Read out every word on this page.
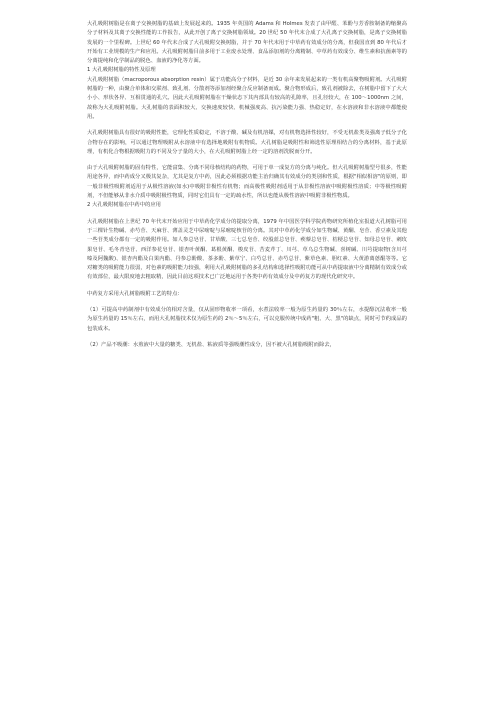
大孔吸附树脂是在离子交换树脂的基础上发展起来的。1935 年英国的 Adams 和 Holmes 发表了由甲醛、苯酚与芳香胺制备的缩聚高分子材料及其离子交换性能的工作报告，从此开创了离子交换树脂领域。20 世纪 50 年代末合成了大孔离子交换树脂，是离子交换树脂发展的一个里程碑。上世纪 60 年代末合成了大孔吸附交换树脂，并于 70 年代末用于中草药有效成分的分离，但我国直到 80 年代后才开始有工业规模的生产和应用。大孔吸附树脂目前多用于工业废水处理、食品添加剂的分离精制、中草药有效成分、维生素和抗菌素等的分离提纯和化学制品的脱色、血液的净化等方面。

1 大孔吸附树脂的特性及原理

大孔吸附树脂（macroporous absorption resin）属于功能高分子材料，是近 30 余年来发展起来的一类有机高聚物吸附剂。大孔吸附树脂的一种，由聚合单体和交联剂、致孔剂、分散剂等添加剂经聚合反应制备而成。聚合物形成后，致孔剂被除去，在树脂中留下了大大小小、形状各异、互相贯通的孔穴。因此大孔吸附树脂在干燥状态下其内部具有较高的孔隙率，且孔径较大，在 100～1000nm 之间，故称为大孔吸附树脂。大孔树脂的表面积较大、交换速度较快、机械强度高、抗污染能力强、热稳定好，在水溶液和非水溶液中都能使用。

大孔吸附树脂具有很好的吸附性能，它理化性质稳定，不溶于酸、碱及有机溶媒，对有机物选择性较好，不受无机盐类及强离子低分子化合物存在的影响，可以通过物理吸附从水溶液中有选择地吸附有机物质。大孔树脂是吸附性和筛选性原理相结合的分离材料，基于此原理，有机化合物根据吸附力的不同及分子量的大小，在大孔吸附树脂上经一定的溶剂洗脱而分开。

由于大孔吸附树脂的固有特性，它能富集、分离不同母核结构的药物，可用于单一成复方的分离与纯化。但大孔吸附树脂型号很多，性能用途各异，而中药成分又极其复杂，尤其是复方中药，因此必须根据功能主治归确其有效成分的类别和性质，根据"相似相溶"的原则，即一般非极性吸附剂适用于从极性溶液(如水)中吸附非极性有机物；而高极性吸附剂适用于从非极性溶液中吸附极性溶质；中等极性吸附剂，不但能够从非水介质中吸附极性物质，同时它们具有一定的疏水性，所以也能从极性溶液中吸附非极性物质。

2 大孔吸附树脂在中药中的应用

大孔吸附树脂在上世纪 70 年代末开始应用于中草药化学成分的提取分离，1979 年中国医学科学院药物研究所植化室报道大孔树脂可用于三棵针生物碱、赤芍苷、天麻苷、薄盖灵芝中尿嘧啶与尿嘧啶核苷的分离。其对中草药化学成分如生物碱、黄酮、皂苷、香豆素及其他一些苷类成分都有一定的吸附作用。如人参总皂苷、甘草酸、三七总皂苷、绞股蓝总皂苷、蒺藜总皂苷、桔梗总皂苷、知母总皂苷、刺玫果皂苷、毛冬青皂苷、西洋参花皂苷、银杏叶黄酮、葛根黄酮、梭皮苷、苦麦芹丁、川芎、草乌总生物碱、喜树碱、川芎提取物(含川芎嗪及阿魏酸)、银杏内酯及白果内酯、丹参总酚酸、茶多酚、紫草宁、白芍总苷、赤芍总苷、紫草色素、胆红素、大黄游离蒽醌等等。它对糖类的吸附能力很弱，对色素的吸附能力较强，利用大孔吸附树脂的多孔结构和选择性吸附功能可从中药提取液中分离精制有效成分或有效部位，最大限度地去粗取精，因此目前这项技术已广泛地运用于各类中药有效成分及中药复方的现代化研究中。

中药复方采用大孔树脂吸附工艺的特点：

（1）可提高中药制剂中有效成分的相对含量，仅从固形物收率一项看，水煮法收率一般为原生药量的 30％左右，水提醇沉法收率一般为原生药量的 15％左右，而用大孔树脂技术仅为原生药的 2％～5％左右，可以克服传统中成药"粗、大、黑"的缺点，同时可节约成品的包装成本。

（2）产品不吸潮：水煎液中大量的糖类、无机盐、粘液质等强吸潮性成分，因不被大孔树脂吸附而除去，
